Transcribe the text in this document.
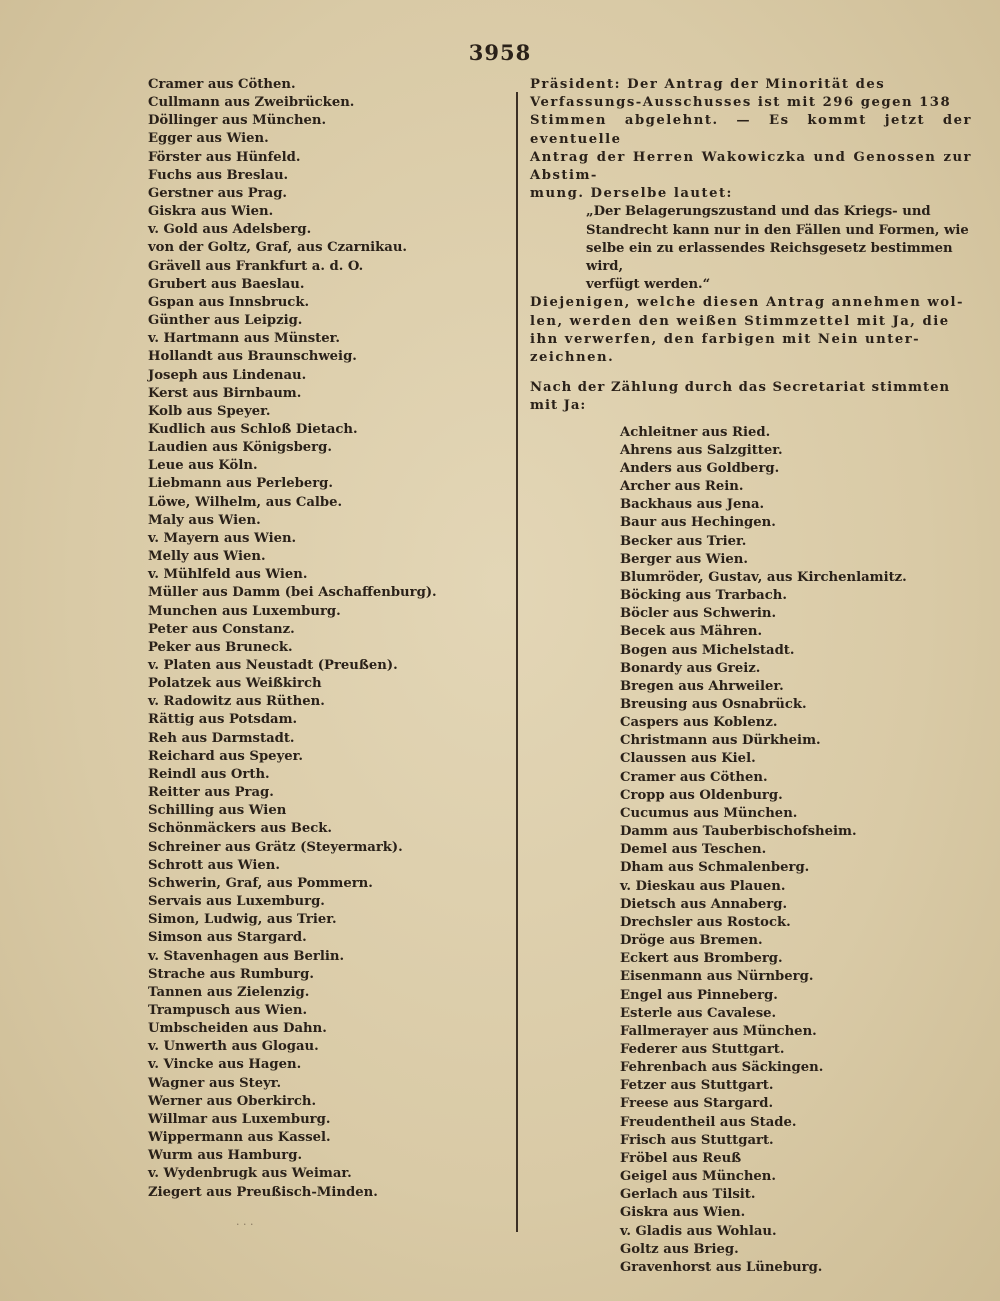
3958
Cramer aus Cöthen.
Cullmann aus Zweibrücken.
Döllinger aus München.
Egger aus Wien.
Förster aus Hünfeld.
Fuchs aus Breslau.
Gerstner aus Prag.
Giskra aus Wien.
v. Gold aus Adelsberg.
von der Goltz, Graf, aus Czarnikau.
Grävell aus Frankfurt a. d. O.
Grubert aus Baeslau.
Gspan aus Innsbruck.
Günther aus Leipzig.
v. Hartmann aus Münster.
Hollandt aus Braunschweig.
Joseph aus Lindenau.
Kerst aus Birnbaum.
Kolb aus Speyer.
Kudlich aus Schloß Dietach.
Laudien aus Königsberg.
Leue aus Köln.
Liebmann aus Perleberg.
Löwe, Wilhelm, aus Calbe.
Maly aus Wien.
v. Mayern aus Wien.
Melly aus Wien.
v. Mühlfeld aus Wien.
Müller aus Damm (bei Aschaffenburg).
Munchen aus Luxemburg.
Peter aus Constanz.
Peker aus Bruneck.
v. Platen aus Neustadt (Preußen).
Polatzek aus Weißkirch
v. Radowitz aus Rüthen.
Rättig aus Potsdam.
Reh aus Darmstadt.
Reichard aus Speyer.
Reindl aus Orth.
Reitter aus Prag.
Schilling aus Wien
Schönmäckers aus Beck.
Schreiner aus Grätz (Steyermark).
Schrott aus Wien.
Schwerin, Graf, aus Pommern.
Servais aus Luxemburg.
Simon, Ludwig, aus Trier.
Simson aus Stargard.
v. Stavenhagen aus Berlin.
Strache aus Rumburg.
Tannen aus Zielenzig.
Trampusch aus Wien.
Umbscheiden aus Dahn.
v. Unwerth aus Glogau.
v. Vincke aus Hagen.
Wagner aus Steyr.
Werner aus Oberkirch.
Willmar aus Luxemburg.
Wippermann aus Kassel.
Wurm aus Hamburg.
v. Wydenbrugk aus Weimar.
Ziegert aus Preußisch-Minden.
Präsident: Der Antrag der Minorität des
Verfassungs-Ausschusses ist mit 296 gegen 138
Stimmen abgelehnt. — Es kommt jetzt der eventuelle
Antrag der Herren Wakowiczka und Genossen zur Abstim-
mung. Derselbe lautet:
„Der Belagerungszustand und das Kriegs- und
Standrecht kann nur in den Fällen und Formen, wie
selbe ein zu erlassendes Reichsgesetz bestimmen wird,
verfügt werden.“
Diejenigen, welche diesen Antrag annehmen wol-
len, werden den weißen Stimmzettel mit Ja, die
ihn verwerfen, den farbigen mit Nein unter-
zeichnen.
Nach der Zählung durch das Secretariat stimmten
mit Ja:
Achleitner aus Ried.
Ahrens aus Salzgitter.
Anders aus Goldberg.
Archer aus Rein.
Backhaus aus Jena.
Baur aus Hechingen.
Becker aus Trier.
Berger aus Wien.
Blumröder, Gustav, aus Kirchenlamitz.
Böcking aus Trarbach.
Böcler aus Schwerin.
Becek aus Mähren.
Bogen aus Michelstadt.
Bonardy aus Greiz.
Bregen aus Ahrweiler.
Breusing aus Osnabrück.
Caspers aus Koblenz.
Christmann aus Dürkheim.
Claussen aus Kiel.
Cramer aus Cöthen.
Cropp aus Oldenburg.
Cucumus aus München.
Damm aus Tauberbischofsheim.
Demel aus Teschen.
Dham aus Schmalenberg.
v. Dieskau aus Plauen.
Dietsch aus Annaberg.
Drechsler aus Rostock.
Dröge aus Bremen.
Eckert aus Bromberg.
Eisenmann aus Nürnberg.
Engel aus Pinneberg.
Esterle aus Cavalese.
Fallmerayer aus München.
Federer aus Stuttgart.
Fehrenbach aus Säckingen.
Fetzer aus Stuttgart.
Freese aus Stargard.
Freudentheil aus Stade.
Frisch aus Stuttgart.
Fröbel aus Reuß
Geigel aus München.
Gerlach aus Tilsit.
Giskra aus Wien.
v. Gladis aus Wohlau.
Goltz aus Brieg.
Gravenhorst aus Lüneburg.
· · ·
